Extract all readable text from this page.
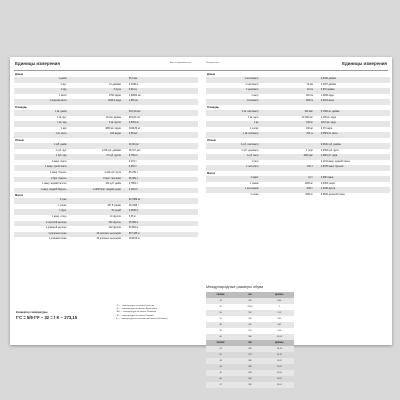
Единицы измерения	Англо-американская	Метрическая	Единицы измерения
Длина
1 дюйм		25,4 мм
1 фут	12 дюймов	0,3048 м
1 ярд	3 фута	0,914 м
1 миля	1760 ярдов	1,60934 км
1 морская миля	2025,4 ярда	1,852 км
Площадь
1 кв. дюйм		645,16 мм²
1 кв. фут	144 кв. дюйма	929,03 см²
1 кв. ярд	9 кв. футов	0,8361 м²
1 акр	4840 кв. ярдов	4046,86 м²
1 кв. миля	640 акров	2,59 км²
Объем
1 куб. дюйм		16,39 см³
1 куб. фут	1728 куб. дюймов	28,317 дм³
1 куб. ярд	27 куб. футов	0,765 м³
1 амер. пинта		0,473 л
1 амер. сухой пинта		0,551 л
1 амер. бушель	1,244 куб. фута	35,239 л
1 брит. бушель	8 брит. галлонов	36,369 л
1 амер. жидкий галлон	231 куб. дюйм	3,7854 л
1 амер. жидкий баррель	1,4286 брит. жидкий унции	0,159 м³
Масса
1 гран		64,7989 мг
1 унция	437,5 гранов	28,3495 г
1 фунт	16 унций	0,4536 кг
1 амер. стоун	14 фунтов	6,35 кг
1 короткий центнер	100 фунтов	45,359 кг
1 длинный центнер	112 фунтов	50,802 кг
1 короткая тонна	20 коротких центнеров	907,185 кг
1 длинная тонна	20 длинных центнеров	1016,05 кг
Длина
1 миллиметр		0,0394 дюйма
1 сантиметр	10 мм	0,3937 дюйма
1 дециметр	10 см	3,937 дюйма
1 метр	100 см	1,0936 ярда
1 километр	1000 м	0,6214 мили
Площадь
1 кв. сантиметр	100 мм²	0,1550 кв. дюйма
1 кв. метр	10 000 см²	1,196 кв. ярда
1 ар	100 м²	119,6 кв. ярда
1 гектар	100 ар	2,471 акра
1 кв. километр	100 га	0,3861 кв. мили
Объем
1 куб. сантиметр		0,0610 куб. дюйма
1 куб. дециметр	1 литр	0,0353 куб. фута
1 куб. метр	1000 дм³	1,308 куб. ярда
1 литр		2,1134 амер. жидкой пинты
1 гектолитр	100 л	2,8378 амер. бушеля
Масса
1 карат	0,2 г	3,086 грана
1 грамм	1000 мг	0,0353 унции
1 килограмм	1000 г	2,2046 фунта
1 тонна	1000 кг	0,9842 длинной тонны
Конвертер температуры
t°C = 5/9·t°F − 32 = t K − 273,15
°C — температура по шкале Цельсия
°F — температура по шкале Фаренгейта
°Ré — температура по шкале Реомюра
°R — температура по шкале Ранкина
K — температура по абсолютной шкале (Кельвин)
Международные размеры обуви
РАЗМЕР	ММ	ДЮЙМЫ
34	220	8,66
35	228,5	9
36	232	9,13
37	240	9,45
38	245	9,65
39	253	9,96
40	260	10,24
РАЗМЕР	ММ	ДЮЙМЫ
41	265	10,43
42	273	10,75
43	280	11,02
44	285	11,22
45	293	11,54
46	300	11,81
47	305	12,01
